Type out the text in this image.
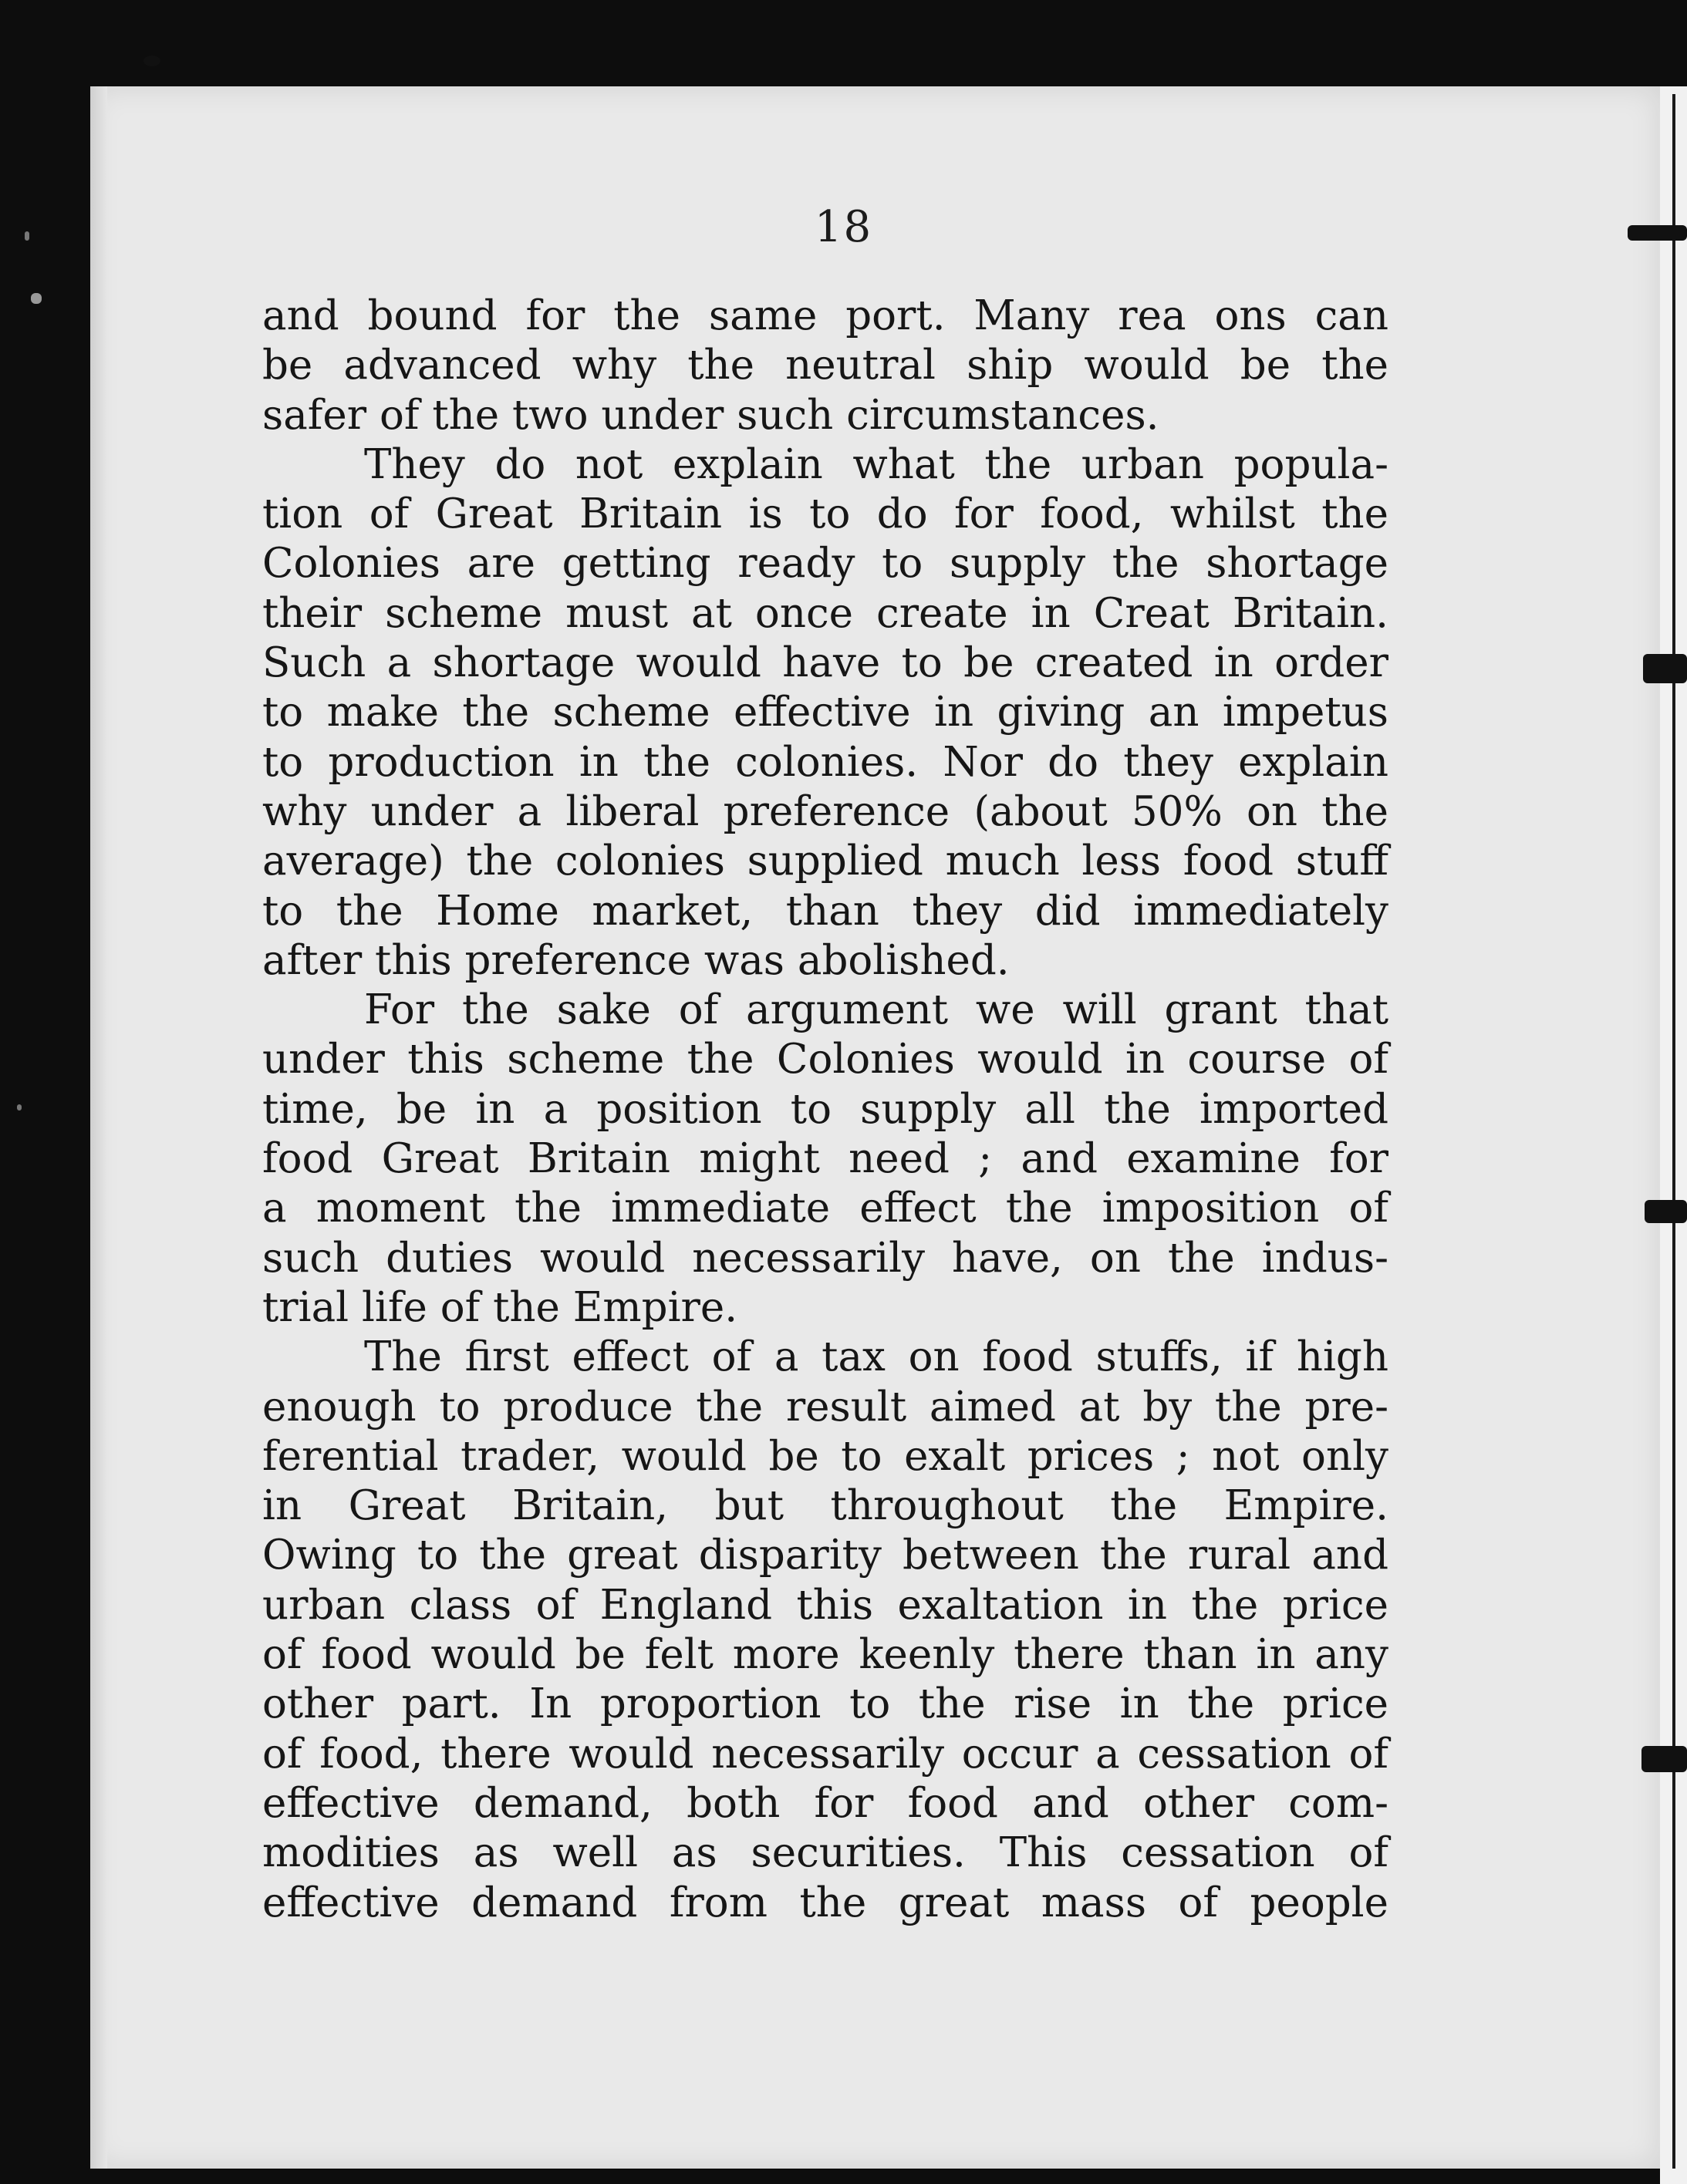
18

and bound for the same port. Many rea ons can
be advanced why the neutral ship would be the
safer of the two under such circumstances.

They do not explain what the urban popula-
tion of Great Britain is to do for food, whilst the
Colonies are getting ready to supply the shortage
their scheme must at once create in Creat Britain.
Such a shortage would have to be created in order
to make the scheme effective in giving an impetus
to production in the colonies. Nor do they explain
why under a liberal preference (about 50% on the
average) the colonies supplied much less food stuff
to the Home market, than they did immediately
after this preference was abolished.

For the sake of argument we will grant that
under this scheme the Colonies would in course of
time, be in a position to supply all the imported
food Great Britain might need ; and examine for
a moment the immediate effect the imposition of
such duties would necessarily have, on the indus-
trial life of the Empire.

The first effect of a tax on food stuffs, if high
enough to produce the result aimed at by the pre-
ferential trader, would be to exalt prices ; not only
in Great Britain, but throughout the Empire.
Owing to the great disparity between the rural and
urban class of England this exaltation in the price
of food would be felt more keenly there than in any
other part. In proportion to the rise in the price
of food, there would necessarily occur a cessation of
effective demand, both for food and other com-
modities as well as securities. This cessation of
effective demand from the great mass of people
